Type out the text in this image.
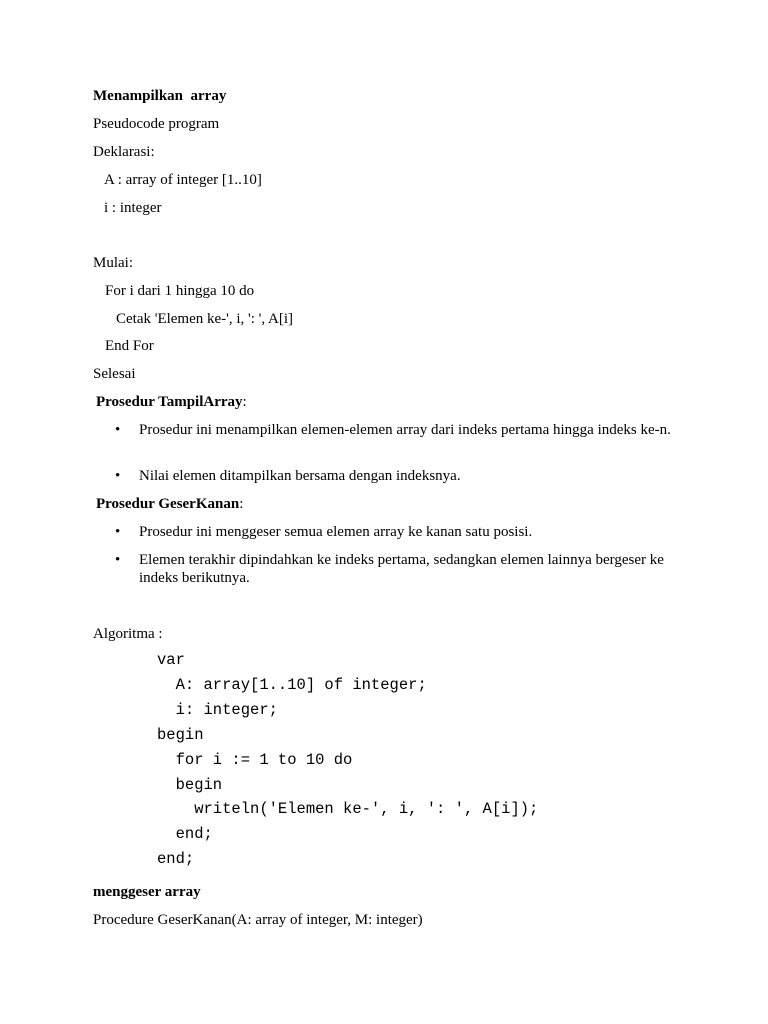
Menampilkan  array
Pseudocode program
Deklarasi:
A : array of integer [1..10]
i : integer
Mulai:
For i dari 1 hingga 10 do
Cetak 'Elemen ke-', i, ': ', A[i]
End For
Selesai
Prosedur TampilArray:
• Prosedur ini menampilkan elemen-elemen array dari indeks pertama hingga indeks ke-n.
• Nilai elemen ditampilkan bersama dengan indeksnya.
Prosedur GeserKanan:
• Prosedur ini menggeser semua elemen array ke kanan satu posisi.
• Elemen terakhir dipindahkan ke indeks pertama, sedangkan elemen lainnya bergeser ke indeks berikutnya.
Algoritma :
var
A: array[1..10] of integer;
i: integer;
begin
for i := 1 to 10 do
begin
writeln('Elemen ke-', i, ': ', A[i]);
end;
end;
menggeser array
Procedure GeserKanan(A: array of integer, M: integer)
